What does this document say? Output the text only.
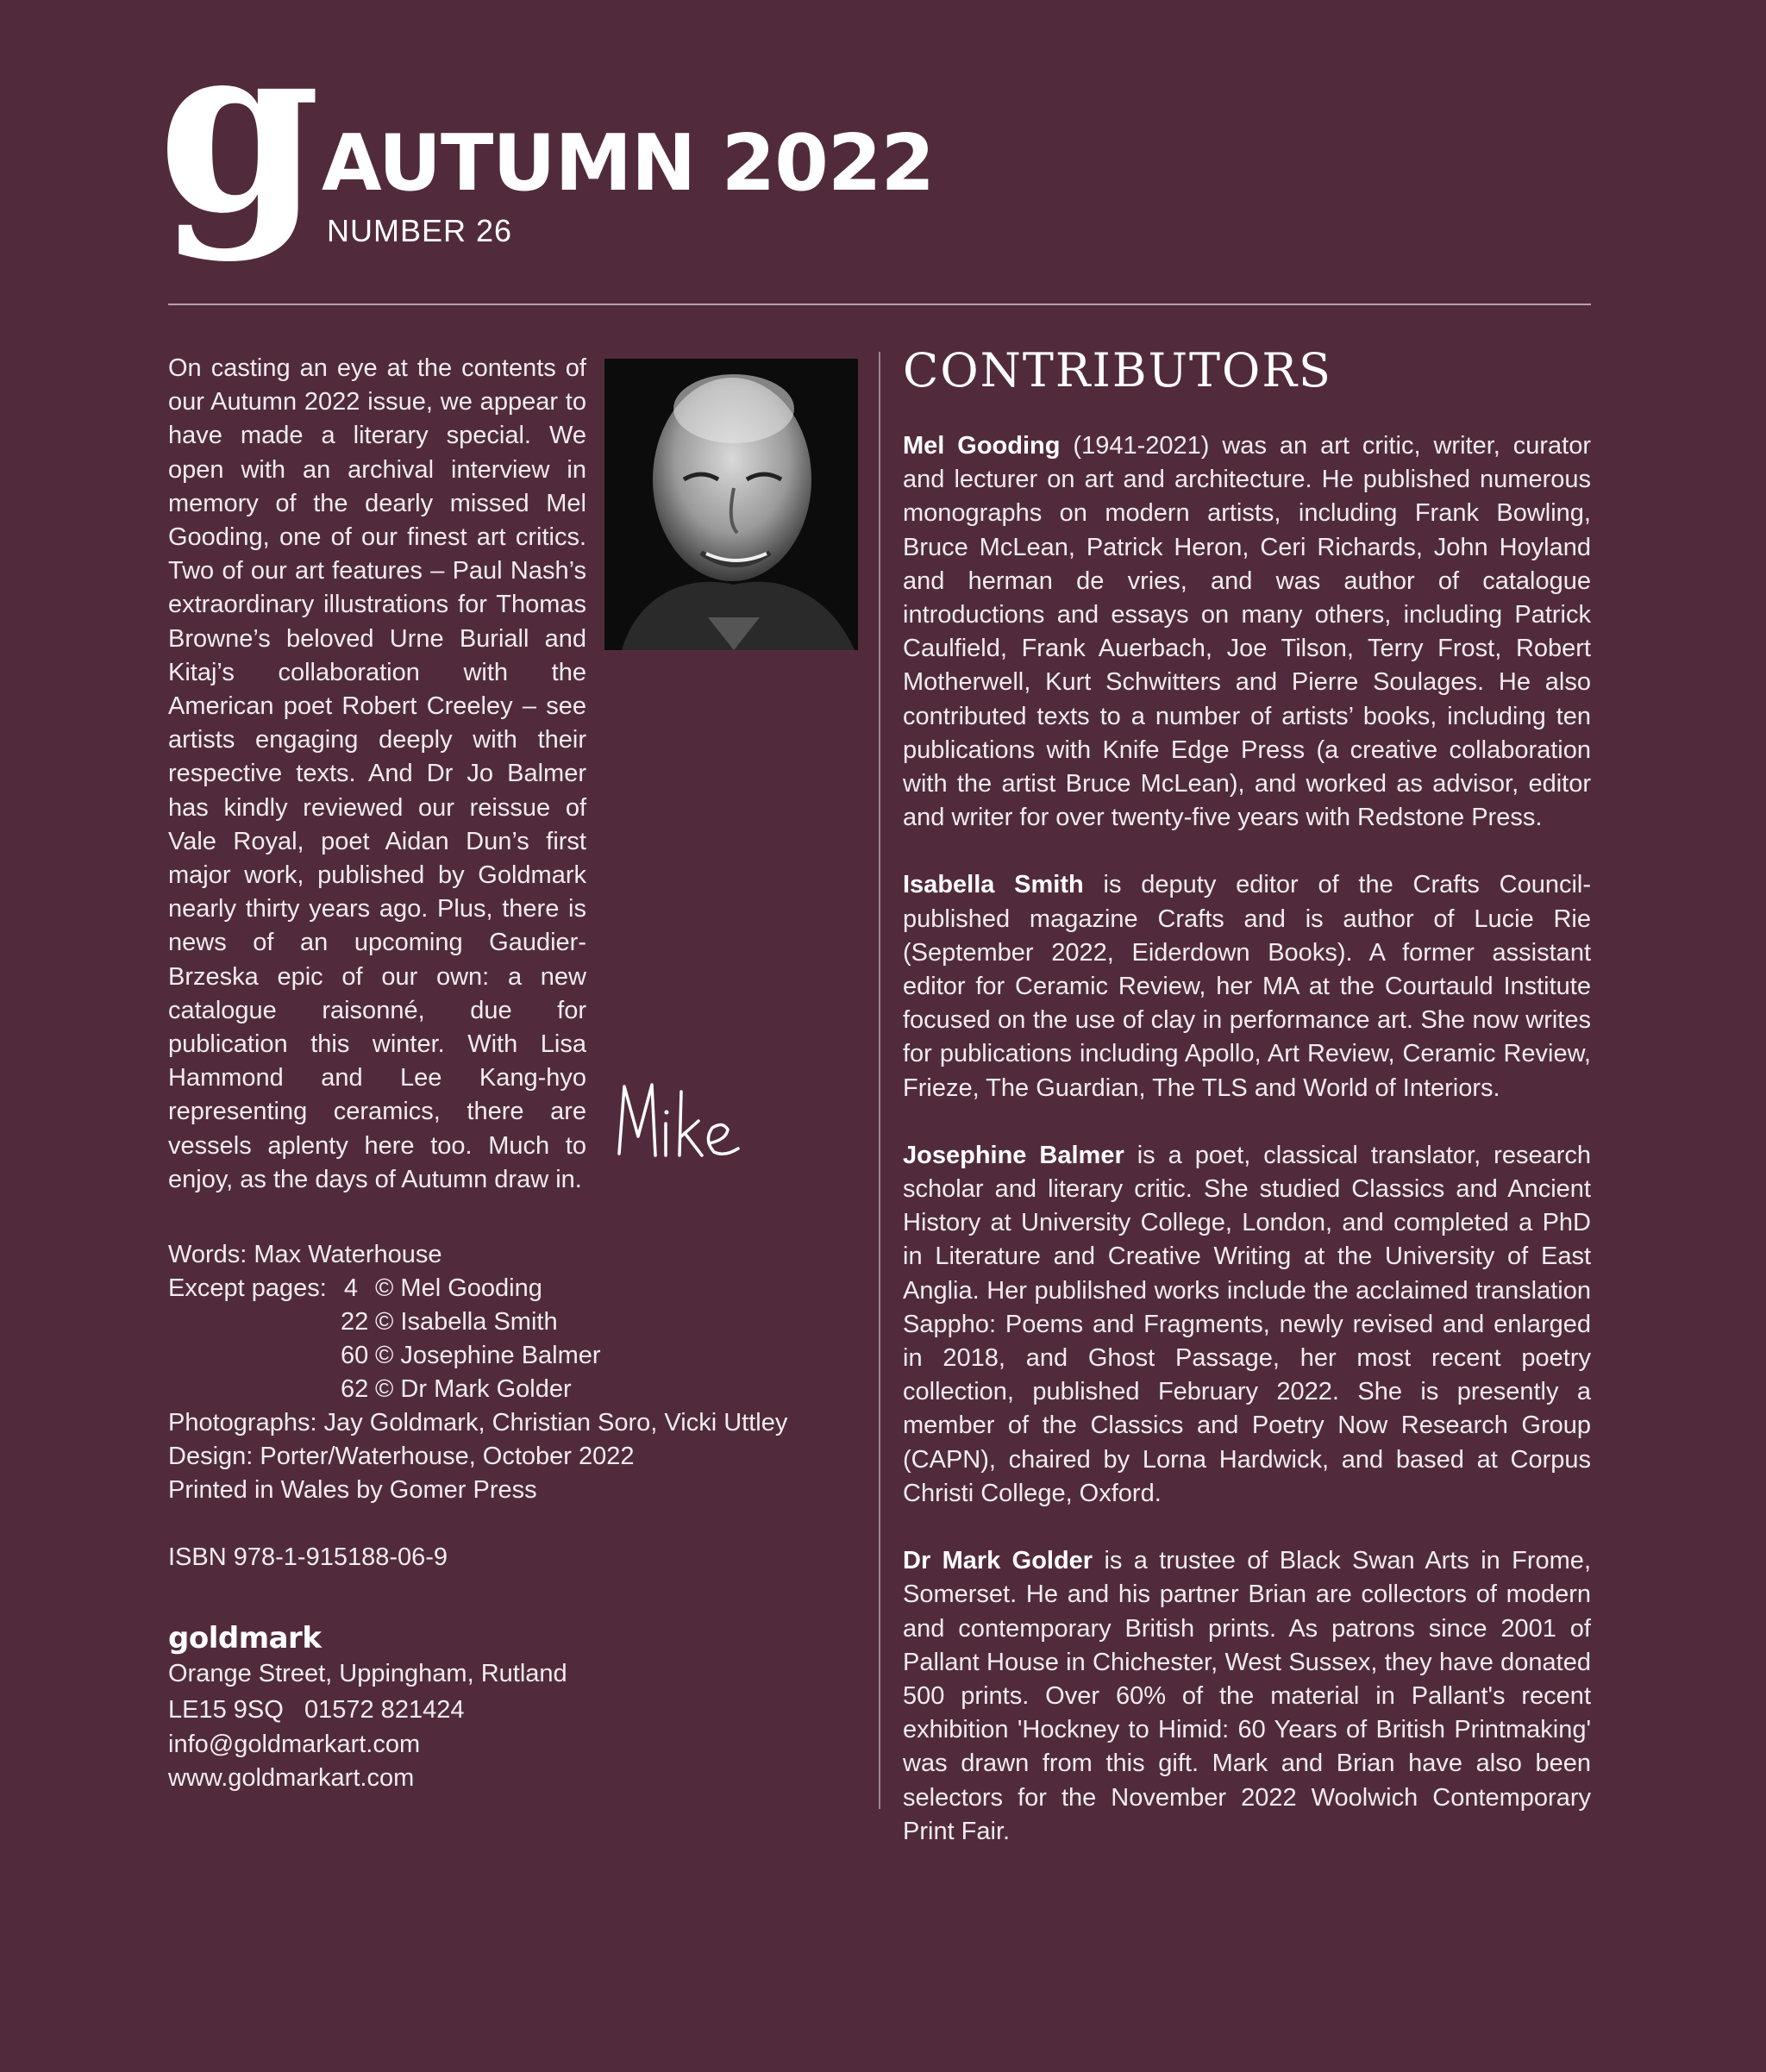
g AUTUMN 2022
NUMBER 26
On casting an eye at the contents of our Autumn 2022 issue, we appear to have made a literary special. We open with an archival interview in memory of the dearly missed Mel Gooding, one of our finest art critics. Two of our art features – Paul Nash’s extraordinary illustrations for Thomas Browne’s beloved Urne Buriall and Kitaj’s collaboration with the American poet Robert Creeley – see artists engaging deeply with their respective texts. And Dr Jo Balmer has kindly reviewed our reissue of Vale Royal, poet Aidan Dun’s first major work, published by Goldmark nearly thirty years ago. Plus, there is news of an upcoming Gaudier-Brzeska epic of our own: a new catalogue raisonné, due for publication this winter. With Lisa Hammond and Lee Kang-hyo representing ceramics, there are vessels aplenty here too. Much to enjoy, as the days of Autumn draw in.
Words: Max Waterhouse
Except pages: 4 © Mel Gooding
22 © Isabella Smith
60 © Josephine Balmer
62 © Dr Mark Golder
Photographs: Jay Goldmark, Christian Soro, Vicki Uttley
Design: Porter/Waterhouse, October 2022
Printed in Wales by Gomer Press
ISBN 978-1-915188-06-9
goldmark
Orange Street, Uppingham, Rutland
LE15 9SQ   01572 821424
info@goldmarkart.com
www.goldmarkart.com
CONTRIBUTORS

Mel Gooding (1941-2021) was an art critic, writer, curator and lecturer on art and architecture. He published numerous monographs on modern artists, including Frank Bowling, Bruce McLean, Patrick Heron, Ceri Richards, John Hoyland and herman de vries, and was author of catalogue introductions and essays on many others, including Patrick Caulfield, Frank Auerbach, Joe Tilson, Terry Frost, Robert Motherwell, Kurt Schwitters and Pierre Soulages. He also contributed texts to a number of artists’ books, including ten publications with Knife Edge Press (a creative collaboration with the artist Bruce McLean), and worked as advisor, editor and writer for over twenty-five years with Redstone Press.

Isabella Smith is deputy editor of the Crafts Council-published magazine Crafts and is author of Lucie Rie (September 2022, Eiderdown Books). A former assistant editor for Ceramic Review, her MA at the Courtauld Institute focused on the use of clay in performance art. She now writes for publications including Apollo, Art Review, Ceramic Review, Frieze, The Guardian, The TLS and World of Interiors.

Josephine Balmer is a poet, classical translator, research scholar and literary critic. She studied Classics and Ancient History at University College, London, and completed a PhD in Literature and Creative Writing at the University of East Anglia. Her publilshed works include the acclaimed translation Sappho: Poems and Fragments, newly revised and enlarged in 2018, and Ghost Passage, her most recent poetry collection, published February 2022. She is presently a member of the Classics and Poetry Now Research Group (CAPN), chaired by Lorna Hardwick, and based at Corpus Christi College, Oxford.

Dr Mark Golder is a trustee of Black Swan Arts in Frome, Somerset. He and his partner Brian are collectors of modern and contemporary British prints. As patrons since 2001 of Pallant House in Chichester, West Sussex, they have donated 500 prints. Over 60% of the material in Pallant's recent exhibition 'Hockney to Himid: 60 Years of British Printmaking' was drawn from this gift. Mark and Brian have also been selectors for the November 2022 Woolwich Contemporary Print Fair.
